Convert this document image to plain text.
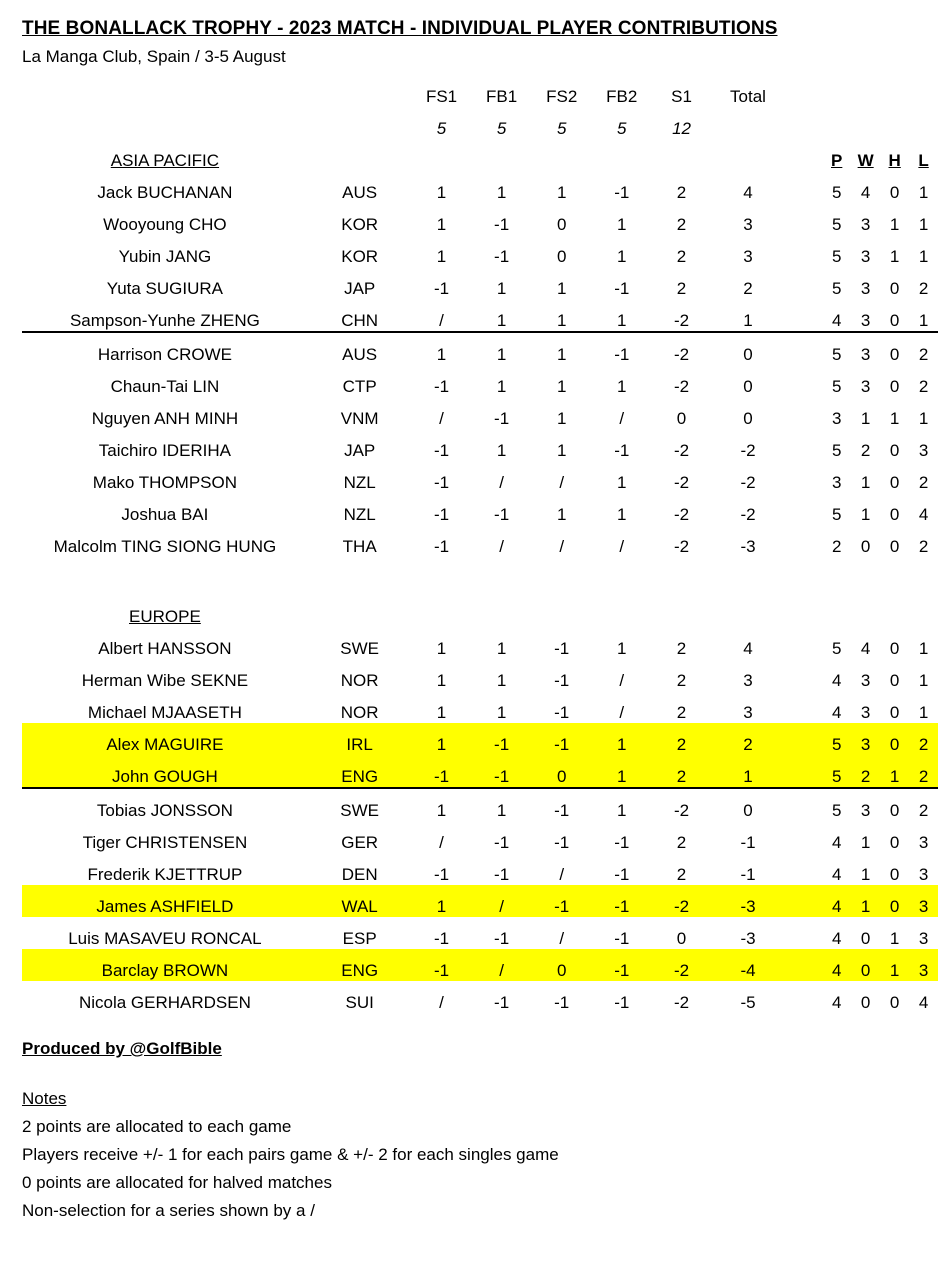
THE BONALLACK TROPHY - 2023 MATCH - INDIVIDUAL PLAYER CONTRIBUTIONS
La Manga Club, Spain / 3-5 August
		FS1	FB1	FS2	FB2	S1	Total					
		5	5	5	5	12						
ASIA PACIFIC									P	W	H	L
Jack BUCHANAN	AUS	1	1	1	-1	2	4		5	4	0	1
Wooyoung CHO	KOR	1	-1	0	1	2	3		5	3	1	1
Yubin JANG	KOR	1	-1	0	1	2	3		5	3	1	1
Yuta SUGIURA	JAP	-1	1	1	-1	2	2		5	3	0	2
Sampson-Yunhe ZHENG	CHN	/	1	1	1	-2	1		4	3	0	1
Harrison CROWE	AUS	1	1	1	-1	-2	0		5	3	0	2
Chaun-Tai LIN	CTP	-1	1	1	1	-2	0		5	3	0	2
Nguyen ANH MINH	VNM	/	-1	1	/	0	0		3	1	1	1
Taichiro IDERIHA	JAP	-1	1	1	-1	-2	-2		5	2	0	3
Mako THOMPSON	NZL	-1	/	/	1	-2	-2		3	1	0	2
Joshua BAI	NZL	-1	-1	1	1	-2	-2		5	1	0	4
Malcolm TING SIONG HUNG	THA	-1	/	/	/	-2	-3		2	0	0	2

EUROPE												
Albert HANSSON	SWE	1	1	-1	1	2	4		5	4	0	1
Herman Wibe SEKNE	NOR	1	1	-1	/	2	3		4	3	0	1
Michael MJAASETH	NOR	1	1	-1	/	2	3		4	3	0	1
Alex MAGUIRE	IRL	1	-1	-1	1	2	2		5	3	0	2
John GOUGH	ENG	-1	-1	0	1	2	1		5	2	1	2
Tobias JONSSON	SWE	1	1	-1	1	-2	0		5	3	0	2
Tiger CHRISTENSEN	GER	/	-1	-1	-1	2	-1		4	1	0	3
Frederik KJETTRUP	DEN	-1	-1	/	-1	2	-1		4	1	0	3
James ASHFIELD	WAL	1	/	-1	-1	-2	-3		4	1	0	3
Luis MASAVEU RONCAL	ESP	-1	-1	/	-1	0	-3		4	0	1	3
Barclay BROWN	ENG	-1	/	0	-1	-2	-4		4	0	1	3
Nicola GERHARDSEN	SUI	/	-1	-1	-1	-2	-5		4	0	0	4
Produced by @GolfBible
Notes
2 points are allocated to each game
Players receive +/- 1 for each pairs game & +/- 2 for each singles game
0 points are allocated for halved matches
Non-selection for a series shown by a /
